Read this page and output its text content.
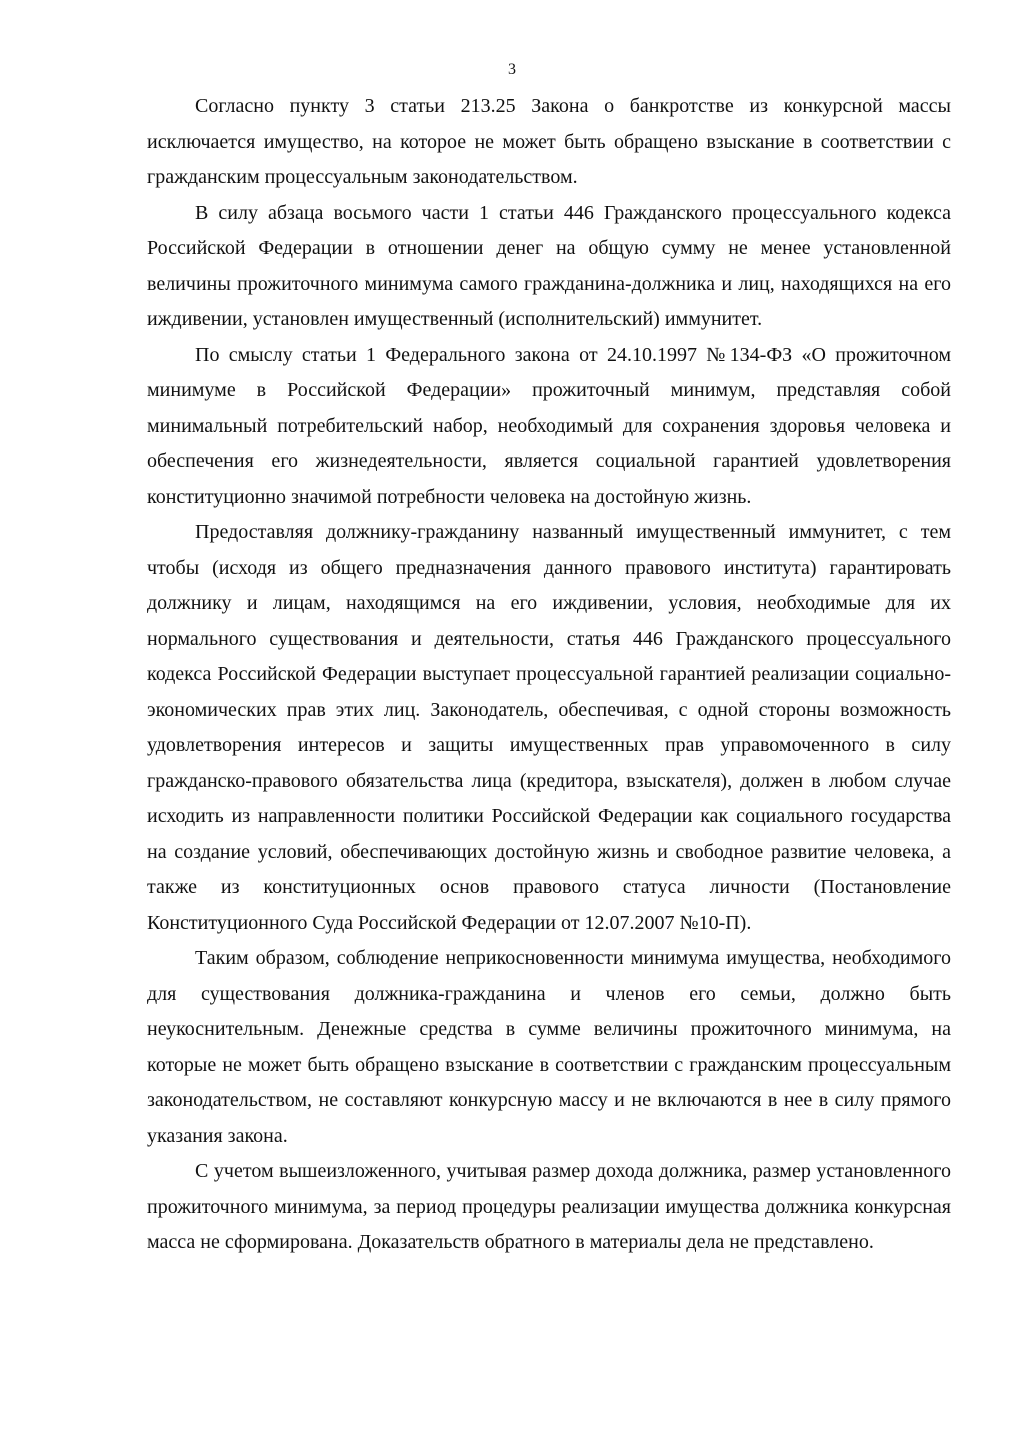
3

Согласно пункту 3 статьи 213.25 Закона о банкротстве из конкурсной массы исключается имущество, на которое не может быть обращено взыскание в соответствии с гражданским процессуальным законодательством.

В силу абзаца восьмого части 1 статьи 446 Гражданского процессуального кодекса Российской Федерации в отношении денег на общую сумму не менее установленной величины прожиточного минимума самого гражданина-должника и лиц, находящихся на его иждивении, установлен имущественный (исполнительский) иммунитет.

По смыслу статьи 1 Федерального закона от 24.10.1997 №134-ФЗ «О прожиточном минимуме в Российской Федерации» прожиточный минимум, представляя собой минимальный потребительский набор, необходимый для сохранения здоровья человека и обеспечения его жизнедеятельности, является социальной гарантией удовлетворения конституционно значимой потребности человека на достойную жизнь.

Предоставляя должнику-гражданину названный имущественный иммунитет, с тем чтобы (исходя из общего предназначения данного правового института) гарантировать должнику и лицам, находящимся на его иждивении, условия, необходимые для их нормального существования и деятельности, статья 446 Гражданского процессуального кодекса Российской Федерации выступает процессуальной гарантией реализации социально-экономических прав этих лиц. Законодатель, обеспечивая, с одной стороны возможность удовлетворения интересов и защиты имущественных прав управомоченного в силу гражданско-правового обязательства лица (кредитора, взыскателя), должен в любом случае исходить из направленности политики Российской Федерации как социального государства на создание условий, обеспечивающих достойную жизнь и свободное развитие человека, а также из конституционных основ правового статуса личности (Постановление Конституционного Суда Российской Федерации от 12.07.2007 №10-П).

Таким образом, соблюдение неприкосновенности минимума имущества, необходимого для существования должника-гражданина и членов его семьи, должно быть неукоснительным. Денежные средства в сумме величины прожиточного минимума, на которые не может быть обращено взыскание в соответствии с гражданским процессуальным законодательством, не составляют конкурсную массу и не включаются в нее в силу прямого указания закона.

С учетом вышеизложенного, учитывая размер дохода должника, размер установленного прожиточного минимума, за период процедуры реализации имущества должника конкурсная масса не сформирована. Доказательств обратного в материалы дела не представлено.
